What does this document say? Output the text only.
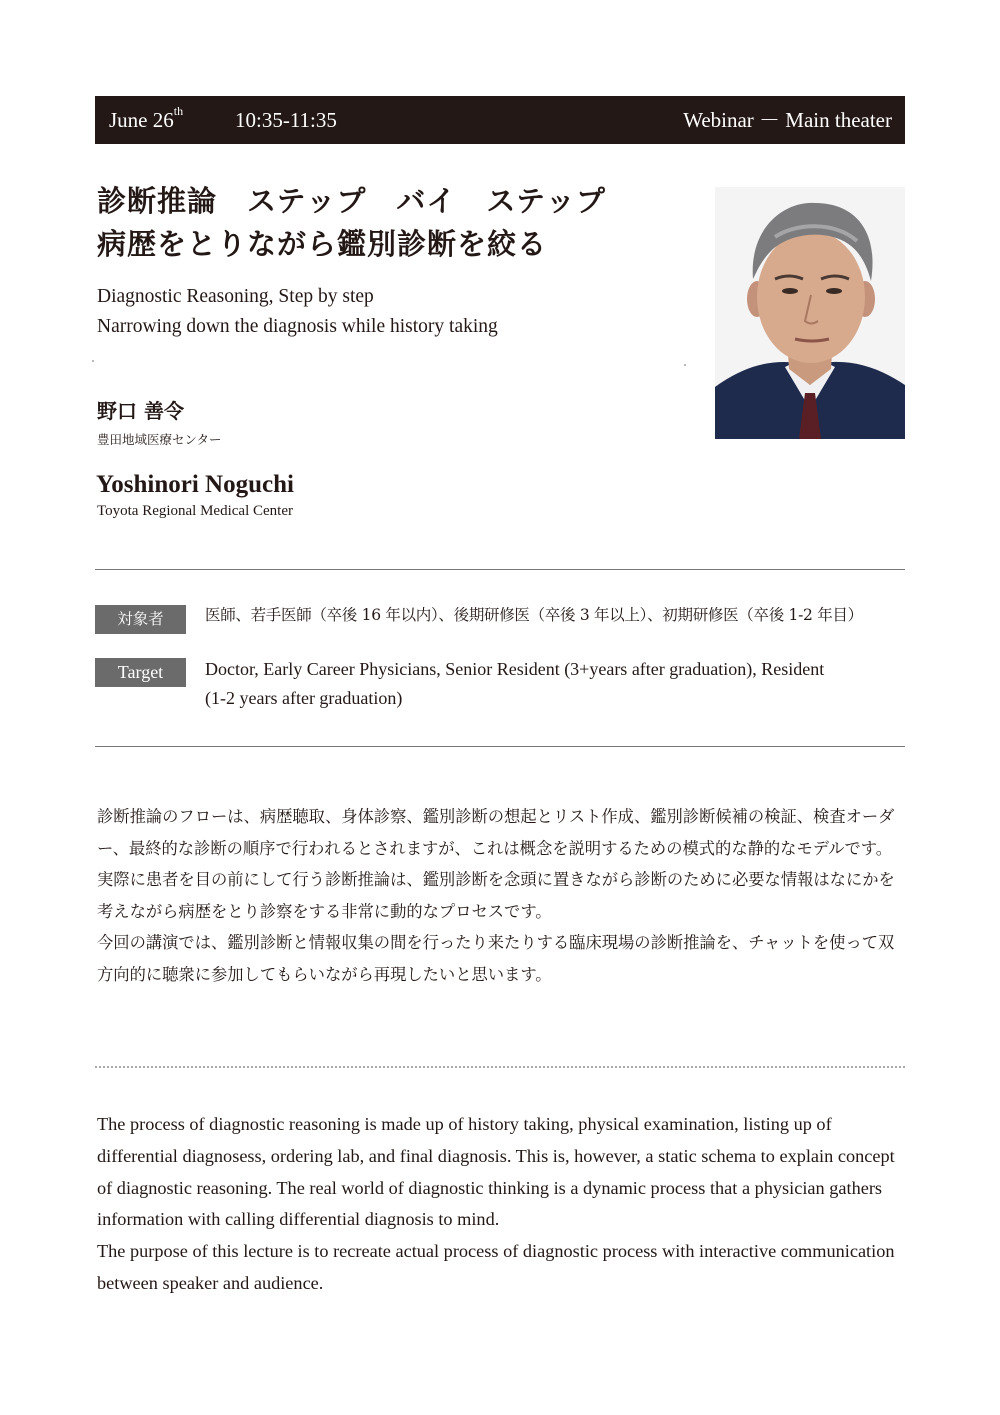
June 26th 10:35-11:35	Webinar － Main theater
診断推論　ステップ　バイ　ステップ
病歴をとりながら鑑別診断を絞る
Diagnostic Reasoning, Step by step
Narrowing down the diagnosis while history taking
野口 善令
豊田地域医療センター
Yoshinori Noguchi
Toyota Regional Medical Center
対象者	医師、若手医師（卒後 16 年以内）、後期研修医（卒後 3 年以上）、初期研修医（卒後 1-2 年目）
Target	Doctor, Early Career Physicians, Senior Resident (3+years after graduation), Resident
(1-2 years after graduation)

診断推論のフローは、病歴聴取、身体診察、鑑別診断の想起とリスト作成、鑑別診断候補の検証、検査オーダー、最終的な診断の順序で行われるとされますが、これは概念を説明するための模式的な静的なモデルです。

実際に患者を目の前にして行う診断推論は、鑑別診断を念頭に置きながら診断のために必要な情報はなにかを考えながら病歴をとり診察をする非常に動的なプロセスです。

今回の講演では、鑑別診断と情報収集の間を行ったり来たりする臨床現場の診断推論を、チャットを使って双方向的に聴衆に参加してもらいながら再現したいと思います。

The process of diagnostic reasoning is made up of history taking, physical examination, listing up of differential diagnosess, ordering lab, and final diagnosis. This is, however, a static schema to explain concept of diagnostic reasoning. The real world of diagnostic thinking is a dynamic process that a physician gathers information with calling differential diagnosis to mind.

The purpose of this lecture is to recreate actual process of diagnostic process with interactive communication between speaker and audience.
